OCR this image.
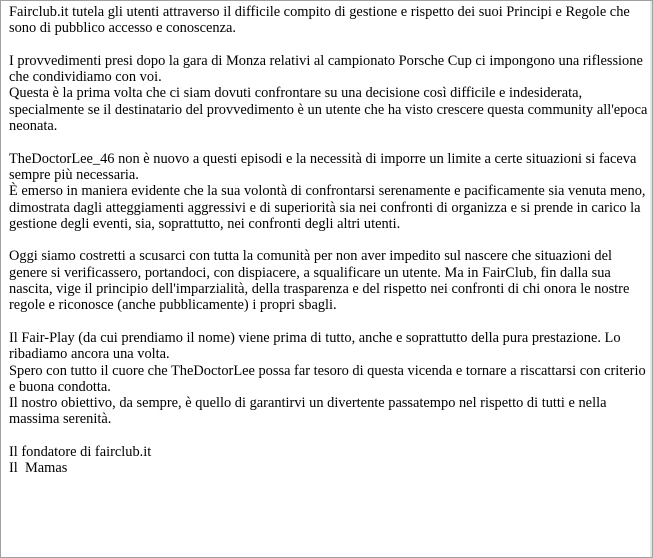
Fairclub.it tutela gli utenti attraverso il difficile compito di gestione e rispetto dei suoi Principi e Regole che sono di pubblico accesso e conoscenza.

I provvedimenti presi dopo la gara di Monza relativi al campionato Porsche Cup ci impongono una riflessione che condividiamo con voi.

Questa è la prima volta che ci siam dovuti confrontare su una decisione così difficile e indesiderata, specialmente se il destinatario del provvedimento è un utente che ha visto crescere questa community all'epoca neonata.

TheDoctorLee_46 non è nuovo a questi episodi e la necessità di imporre un limite a certe situazioni si faceva sempre più necessaria.

È emerso in maniera evidente che la sua volontà di confrontarsi serenamente e pacificamente sia venuta meno, dimostrata dagli atteggiamenti aggressivi e di superiorità sia nei confronti di organizza e si prende in carico la gestione degli eventi, sia, soprattutto, nei confronti degli altri utenti.

Oggi siamo costretti a scusarci con tutta la comunità per non aver impedito sul nascere che situazioni del genere si verificassero, portandoci, con dispiacere, a squalificare un utente. Ma in FairClub, fin dalla sua nascita, vige il principio dell'imparzialità, della trasparenza e del rispetto nei confronti di chi onora le nostre regole e riconosce (anche pubblicamente) i propri sbagli.

Il Fair-Play (da cui prendiamo il nome) viene prima di tutto, anche e soprattutto della pura prestazione. Lo ribadiamo ancora una volta.

Spero con tutto il cuore che TheDoctorLee possa far tesoro di questa vicenda e tornare a riscattarsi con criterio e buona condotta.

Il nostro obiettivo, da sempre, è quello di garantirvi un divertente passatempo nel rispetto di tutti e nella massima serenità.

Il fondatore di fairclub.it

Il  Mamas
